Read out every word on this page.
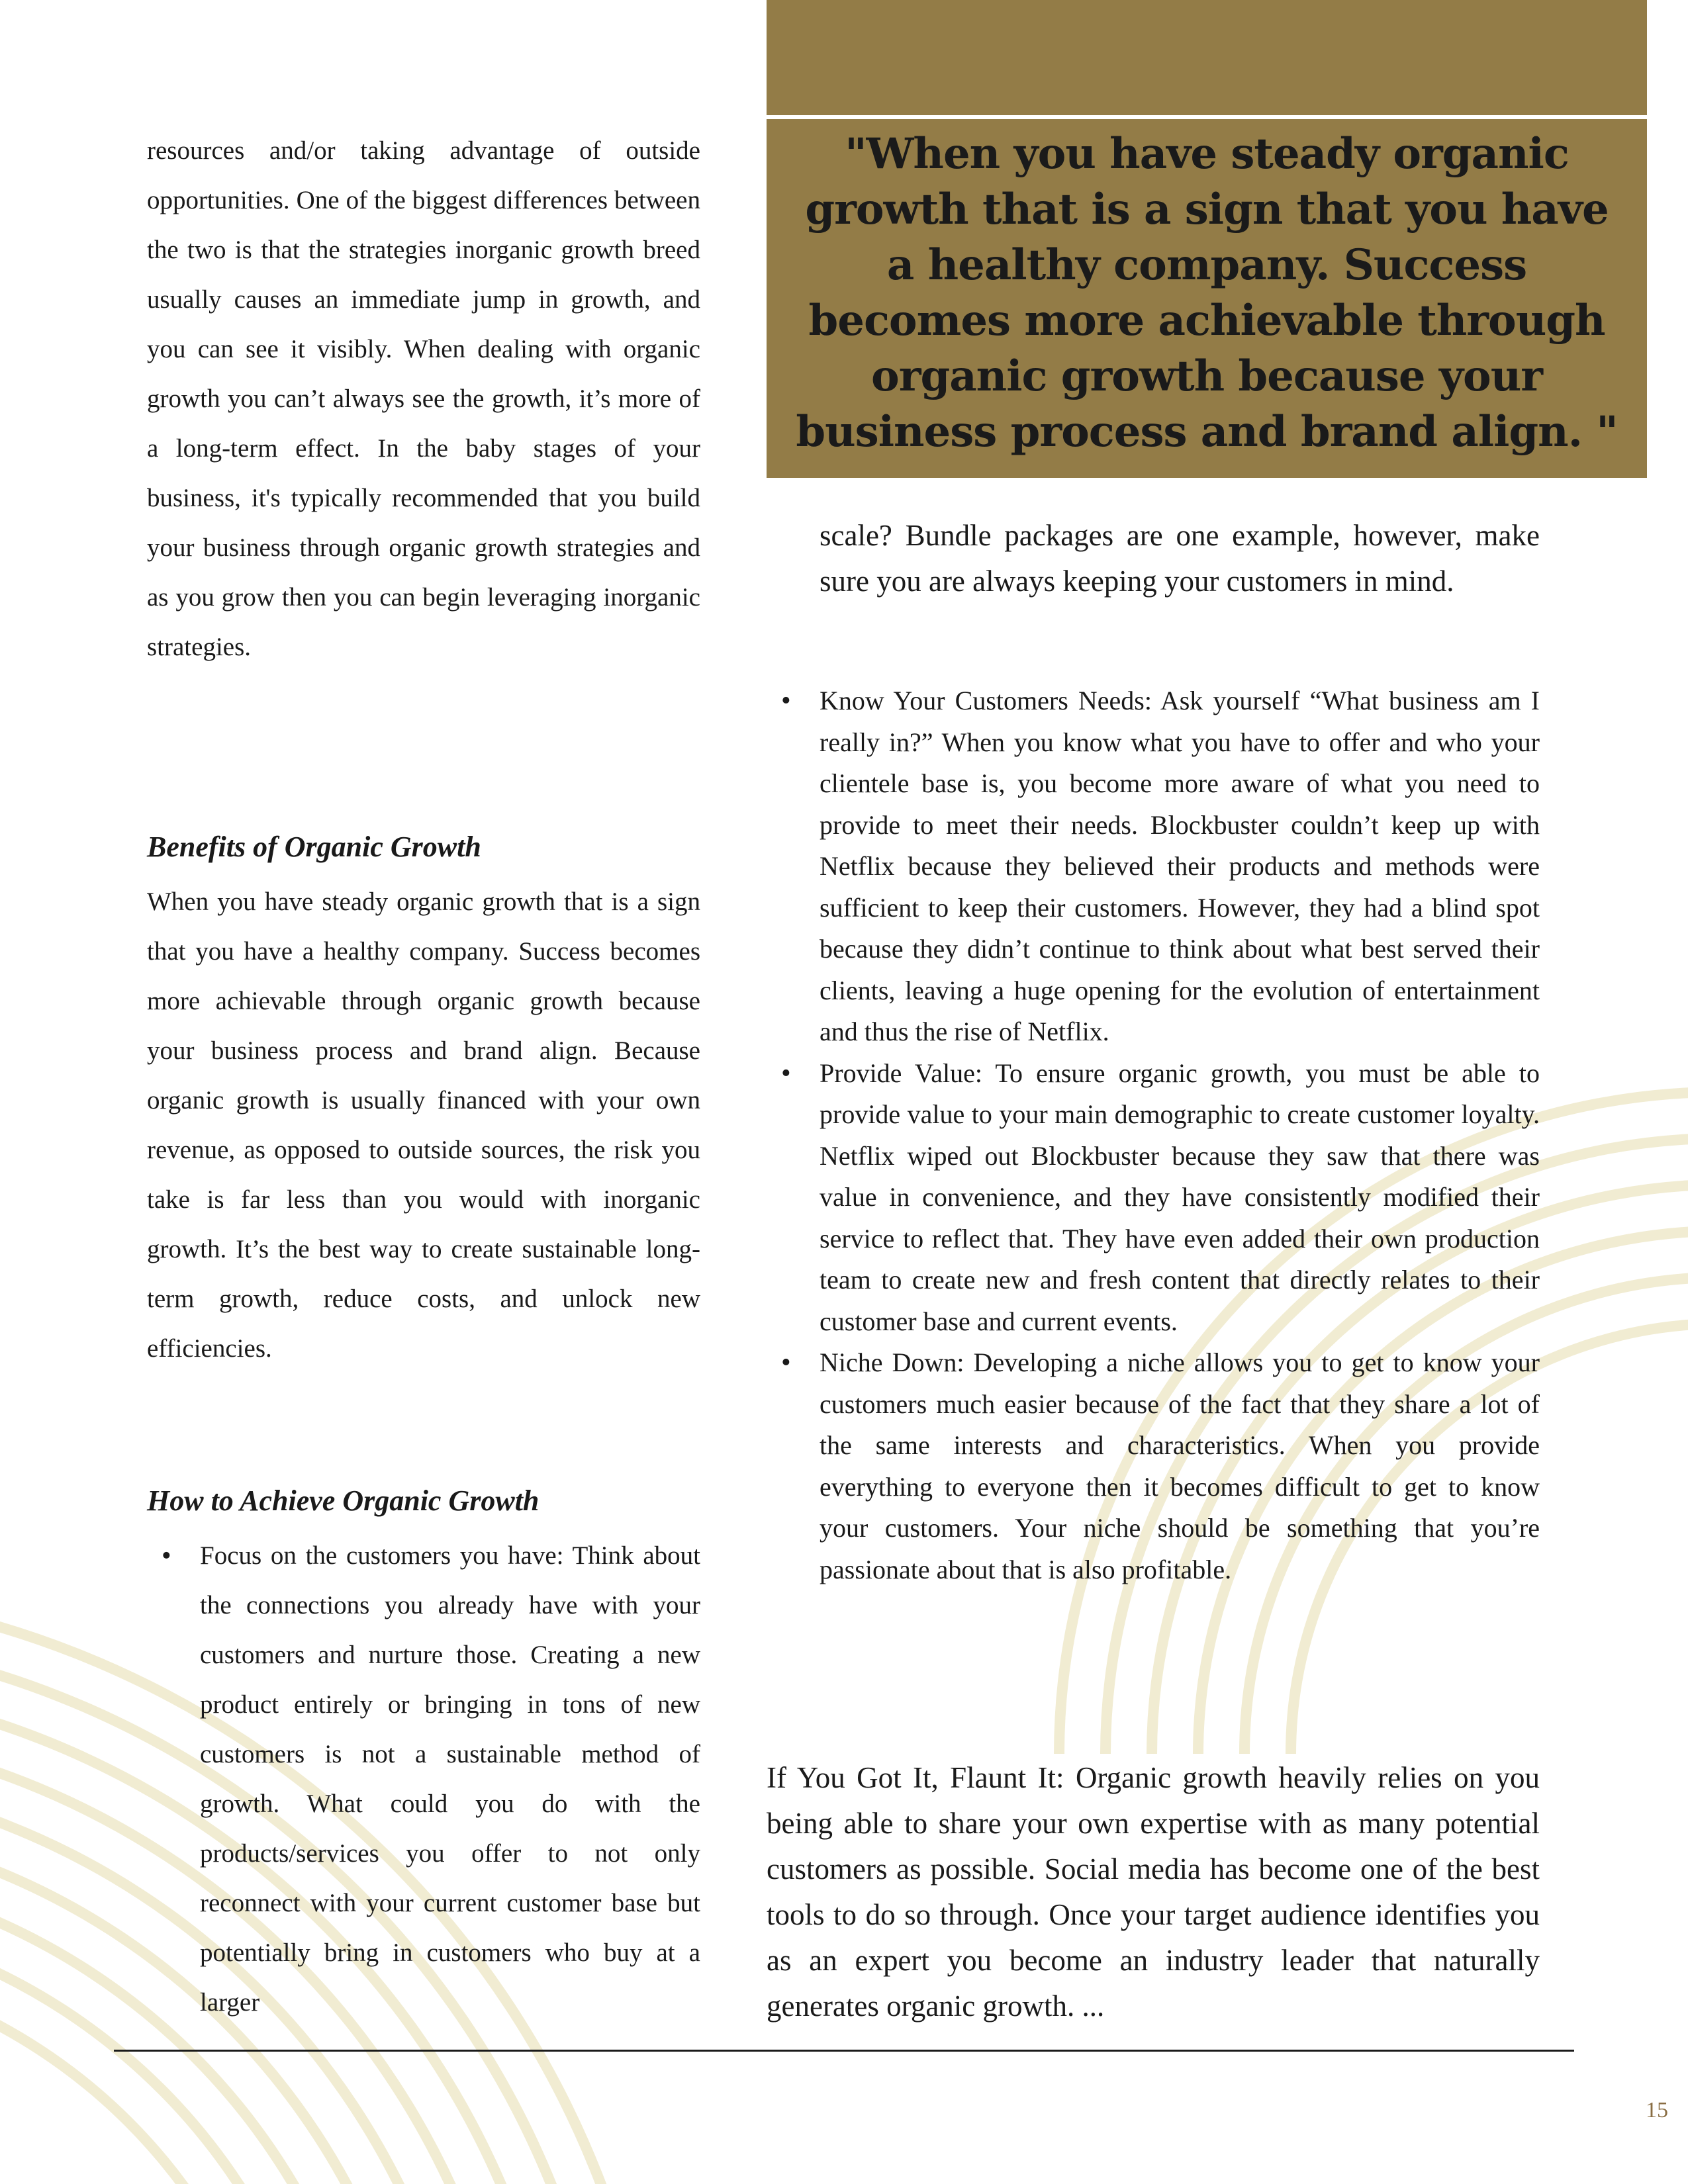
resources and/or taking advantage of outside opportunities. One of the biggest differences between the two is that the strategies inorganic growth breed usually causes an immediate jump in growth, and you can see it visibly. When dealing with organic growth you can’t always see the growth, it’s more of a long-term effect. In the baby stages of your business, it's typically recommended that you build your business through organic growth strategies and as you grow then you can begin leveraging inorganic strategies.
Benefits of Organic Growth
When you have steady organic growth that is a sign that you have a healthy company. Success becomes more achievable through organic growth because your business process and brand align. Because organic growth is usually financed with your own revenue, as opposed to outside sources, the risk you take is far less than you would with inorganic growth. It’s the best way to create sustainable long-term growth, reduce costs, and unlock new efficiencies.
How to Achieve Organic Growth
• Focus on the customers you have: Think about the connections you already have with your customers and nurture those. Creating a new product entirely or bringing in tons of new customers is not a sustainable method of growth. What could you do with the products/services you offer to not only reconnect with your current customer base but potentially bring in customers who buy at a larger
"When you have steady organic growth that is a sign that you have a healthy company. Success becomes more achievable through organic growth because your business process and brand align. "
scale? Bundle packages are one example, however, make sure you are always keeping your customers in mind.
• Know Your Customers Needs: Ask yourself “What business am I really in?” When you know what you have to offer and who your clientele base is, you become more aware of what you need to provide to meet their needs. Blockbuster couldn’t keep up with Netflix because they believed their products and methods were sufficient to keep their customers. However, they had a blind spot because they didn’t continue to think about what best served their clients, leaving a huge opening for the evolution of entertainment and thus the rise of Netflix.
• Provide Value: To ensure organic growth, you must be able to provide value to your main demographic to create customer loyalty. Netflix wiped out Blockbuster because they saw that there was value in convenience, and they have consistently modified their service to reflect that. They have even added their own production team to create new and fresh content that directly relates to their customer base and current events.
• Niche Down: Developing a niche allows you to get to know your customers much easier because of the fact that they share a lot of the same interests and characteristics. When you provide everything to everyone then it becomes difficult to get to know your customers. Your niche should be something that you’re passionate about that is also profitable.
If You Got It, Flaunt It: Organic growth heavily relies on you being able to share your own expertise with as many potential customers as possible. Social media has become one of the best tools to do so through. Once your target audience identifies you as an expert you become an industry leader that naturally generates organic growth. ...
15
